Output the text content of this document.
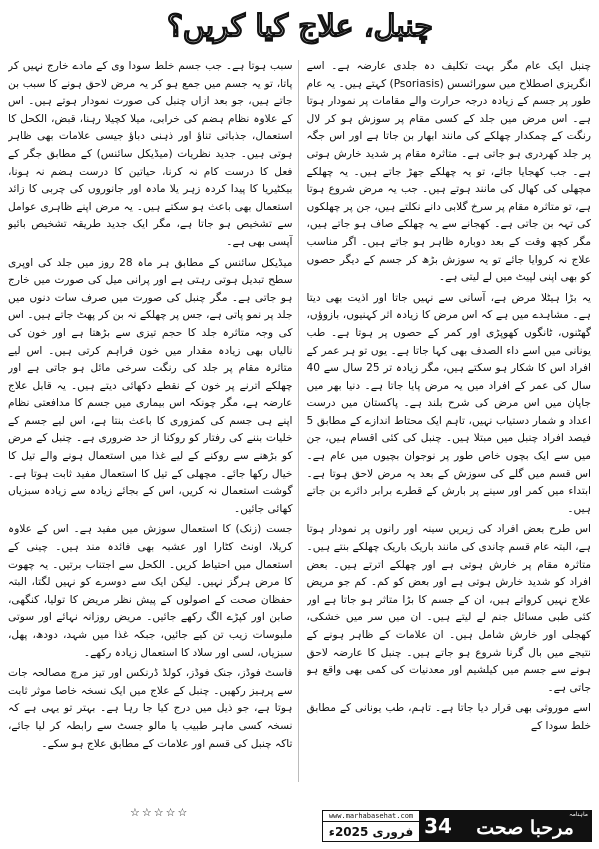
چنبل، علاج کیا کریں؟

چنبل ایک عام مگر بہت تکلیف دہ جلدی عارضہ ہے۔ اسے انگریزی اصطلاح میں سورائسس (Psoriasis) کہتے ہیں۔ یہ عام طور پر جسم کے زیادہ درجہ حرارت والے مقامات پر نمودار ہوتا ہے۔ اس مرض میں جلد کے کسی مقام پر سوزش ہو کر لال رنگت کے چمکدار چھلکے کی مانند ابھار بن جاتا ہے اور اس جگہ پر جلد کھردری ہو جاتی ہے۔ متاثرہ مقام پر شدید خارش ہوتی ہے۔ جب کھجایا جائے، تو یہ چھلکے جھڑ جاتے ہیں۔ یہ چھلکے مچھلی کی کھال کی مانند ہوتے ہیں۔ جب یہ مرض شروع ہوتا ہے، تو متاثرہ مقام پر سرخ گلابی دانے نکلتے ہیں، جن پر چھلکوں کی تہہ بن جاتی ہے۔ کھجانے سے یہ چھلکے صاف ہو جاتے ہیں، مگر کچھ وقت کے بعد دوبارہ ظاہر ہو جاتے ہیں۔ اگر مناسب علاج نہ کروایا جائے تو یہ سوزش بڑھ کر جسم کے دیگر حصوں کو بھی اپنی لپیٹ میں لے لیتی ہے۔

یہ بڑا ہیٹلا مرض ہے، آسانی سے نہیں جاتا اور اذیت بھی دیتا ہے۔ مشاہدے میں ہے کہ اس مرض کا زیادہ اثر کہنیوں، بازوؤں، گھٹنوں، ٹانگوں کھوپڑی اور کمر کے حصوں پر ہوتا ہے۔ طب یونانی میں اسے داء الصدف بھی کہا جاتا ہے۔ یوں تو ہر عمر کے افراد اس کا شکار ہو سکتے ہیں، مگر زیادہ تر 25 سال سے 40 سال کی عمر کے افراد میں یہ مرض پایا جاتا ہے۔ دنیا بھر میں جاپان میں اس مرض کی شرح بلند ہے۔ پاکستان میں درست اعداد و شمار دستیاب نہیں، تاہم ایک محتاط اندازے کے مطابق 5 فیصد افراد چنبل میں مبتلا ہیں۔ چنبل کی کئی اقسام ہیں، جن میں سے ایک بچوں خاص طور پر نوجوان بچیوں میں عام ہے۔ اس قسم میں گلے کی سوزش کے بعد یہ مرض لاحق ہوتا ہے۔ ابتداء میں کمر اور سینے پر بارش کے قطرے برابر دائرے بن جاتے ہیں۔

اس طرح بعض افراد کی زیریں سینہ اور رانوں پر نمودار ہوتا ہے، البتہ عام قسم چاندی کی مانند باریک باریک چھلکے بنتے ہیں۔ متاثرہ مقام پر خارش ہوتی ہے اور چھلکے اترتے ہیں۔ بعض افراد کو شدید خارش ہوتی ہے اور بعض کو کم۔ کم جو مریض علاج نہیں کرواتے ہیں، ان کے جسم کا بڑا متاثر ہو جاتا ہے اور کئی طبی مسائل جنم لے لیتے ہیں۔ ان میں سر میں خشکی، کھجلی اور خارش شامل ہیں۔ ان علامات کے ظاہر ہونے کے نتیجے میں بال گرنا شروع ہو جاتے ہیں۔ چنبل کا عارضہ لاحق ہونے سے جسم میں کیلشیم اور معدنیات کی کمی بھی واقع ہو جاتی ہے۔

اسے موروثی بھی قرار دیا جاتا ہے۔ تاہم، طب یونانی کے مطابق خلط سودا کے

سبب ہوتا ہے۔ جب جسم خلط سودا وی کے مادے خارج نہیں کر پاتا، تو یہ جسم میں جمع ہو کر یہ مرض لاحق ہونے کا سبب بن جاتے ہیں، جو بعد ازاں چنبل کی صورت نمودار ہوتے ہیں۔ اس کے علاوہ نظام ہضم کی خرابی، میلا کچیلا رہنا، قبض، الکحل کا استعمال، جذباتی تناؤ اور ذہنی دباؤ جیسی علامات بھی ظاہر ہوتی ہیں۔ جدید نظریات (میڈیکل سائنس) کے مطابق جگر کے فعل کا درست کام نہ کرنا، حیاتین کا درست ہضم نہ ہونا، بیکٹیریا کا پیدا کردہ زہر یلا مادہ اور جانوروں کی چربی کا زائد استعمال بھی باعث ہو سکتے ہیں۔ یہ مرض اپنے ظاہری عوامل سے تشخیص ہو جاتا ہے، مگر ایک جدید طریقہ تشخیص بائیو آپسی بھی ہے۔

میڈیکل سائنس کے مطابق ہر ماہ 28 روز میں جلد کی اوپری سطح تبدیل ہوتی رہتی ہے اور پرانی میل کی صورت میں خارج ہو جاتی ہے۔ مگر چنبل کی صورت میں صرف سات دنوں میں جلد پر نمو پاتی ہے، جس پر چھلکے نہ بن کر پھٹ جاتے ہیں۔ اس کی وجہ متاثرہ جلد کا حجم تیزی سے بڑھتا ہے اور خون کی نالیاں بھی زیادہ مقدار میں خون فراہم کرتی ہیں۔ اس لیے متاثرہ مقام پر جلد کی رنگت سرخی مائل ہو جاتی ہے اور چھلکے اترنے پر خون کے نقطے دکھائی دیتے ہیں۔ یہ قابل علاج عارضہ ہے، مگر چونکہ اس بیماری میں جسم کا مدافعتی نظام اپنے ہی جسم کی کمزوری کا باعث بنتا ہے، اس لیے جسم کے خلیات بننے کی رفتار کو روکنا از حد ضروری ہے۔ چنبل کے مرض کو بڑھنے سے روکنے کے لیے غذا میں استعمال ہونے والے تیل کا خیال رکھا جائے۔ مچھلی کے تیل کا استعمال مفید ثابت ہوتا ہے۔ گوشت استعمال نہ کریں، اس کے بجائے زیادہ سے زیادہ سبزیاں کھائی جائیں۔

جست (زنک) کا استعمال سوزش میں مفید ہے۔ اس کے علاوہ کریلا، اونٹ کٹارا اور عشبہ بھی فائدہ مند ہیں۔ چینی کے استعمال میں احتیاط کریں۔ الکحل سے اجتناب برتیں۔ یہ چھوت کا مرض ہرگز نہیں۔ لیکن ایک سے دوسرے کو نہیں لگتا، البتہ حفظان صحت کے اصولوں کے پیش نظر مریض کا تولیا، کنگھی، صابن اور کپڑے الگ رکھے جائیں۔ مریض روزانہ نہائے اور سوتی ملبوسات زیب تن کیے جائیں، جبکہ غذا میں شہد، دودھ، پھل، سبزیاں، لسی اور سلاد کا استعمال زیادہ رکھے۔

فاسٹ فوڈز، جنک فوڈز، کولڈ ڈرنکس اور تیز مرچ مصالحہ جات سے پرہیز رکھیں۔ چنبل کے علاج میں ایک نسخہ خاصا موثر ثابت ہوتا ہے، جو ذیل میں درج کیا جا رہا ہے۔ بہتر تو یہی ہے کہ نسخہ کسی ماہر طبیب یا مالو جسٹ سے رابطہ کر لیا جائے، تاکہ چنبل کی قسم اور علامات کے مطابق علاج ہو سکے۔

☆☆☆☆☆	ماہنامہ
مرحبا صحت
34
www.marhabasehat.com
فروری 2025ء
